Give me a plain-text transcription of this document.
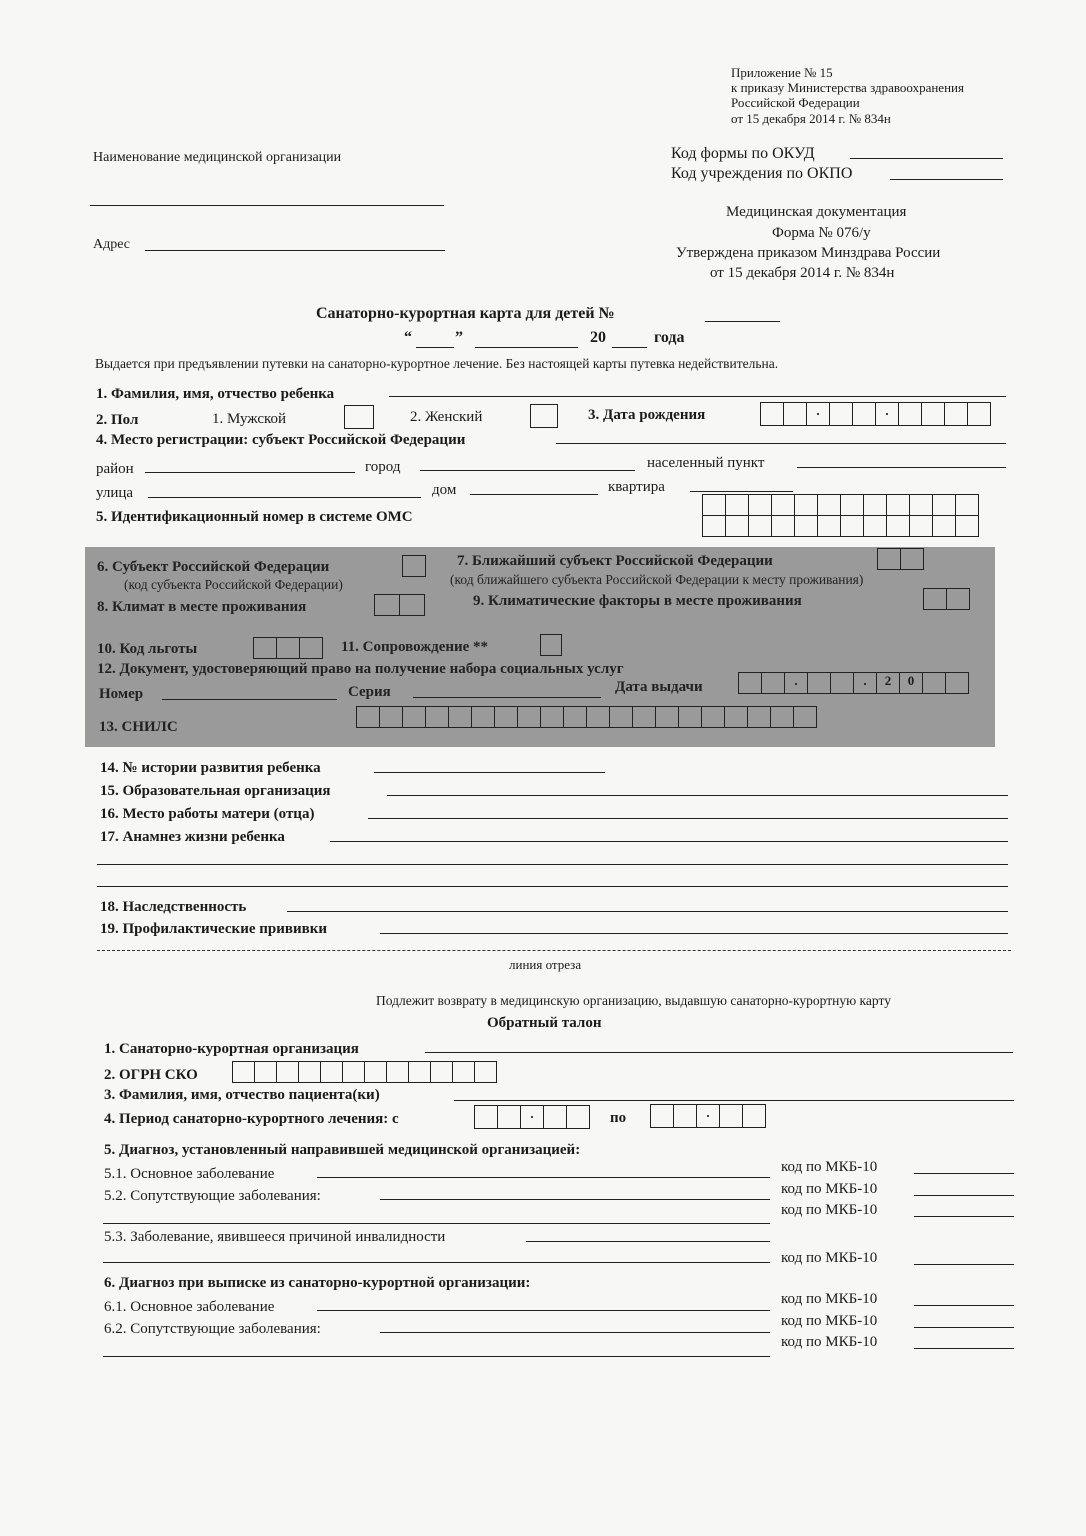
Приложение № 15
к приказу Министерства здравоохранения
Российской Федерации
от 15 декабря 2014 г. № 834н
Наименование медицинской организации
Адрес
Код формы по ОКУД
Код учреждения по ОКПО
Медицинская документация
Форма № 076/у
Утверждена приказом Минздрава России
от 15 декабря 2014 г. № 834н
Санаторно-курортная карта для детей №
“	”	20	года
Выдается при предъявлении путевки на санаторно-курортное лечение. Без настоящей карты путевка недействительна.
1. Фамилия, имя, отчество ребенка
2. Пол	1. Мужской	2. Женский	3. Дата рождения	.	.
4. Место регистрации: субъект Российской Федерации
район	город	населенный пункт
улица	дом	квартира
5. Идентификационный номер в системе ОМС
6. Субъект Российской Федерации
(код субъекта Российской Федерации)
7. Ближайший субъект Российской Федерации
(код ближайшего субъекта Российской Федерации к месту проживания)
8. Климат в месте проживания	9. Климатические факторы в месте проживания
10. Код льготы	11. Сопровождение **
12. Документ, удостоверяющий право на получение набора социальных услуг
Номер	Серия	Дата выдачи	.	.	2	0
13. СНИЛС
14. № истории развития ребенка
15. Образовательная организация
16. Место работы матери (отца)
17. Анамнез жизни ребенка
18. Наследственность
19. Профилактические прививки
линия отреза
Подлежит возврату в медицинскую организацию, выдавшую санаторно-курортную карту
Обратный талон
1. Санаторно-курортная организация
2. ОГРН СКО
3. Фамилия, имя, отчество пациента(ки)
4. Период санаторно-курортного лечения: с	.	по	.
5. Диагноз, установленный направившей медицинской организацией:
5.1. Основное заболевание	код по МКБ-10
5.2. Сопутствующие заболевания:	код по МКБ-10
код по МКБ-10
5.3. Заболевание, явившееся причиной инвалидности
код по МКБ-10
6. Диагноз при выписке из санаторно-курортной организации:
6.1. Основное заболевание	код по МКБ-10
6.2. Сопутствующие заболевания:	код по МКБ-10
код по МКБ-10
